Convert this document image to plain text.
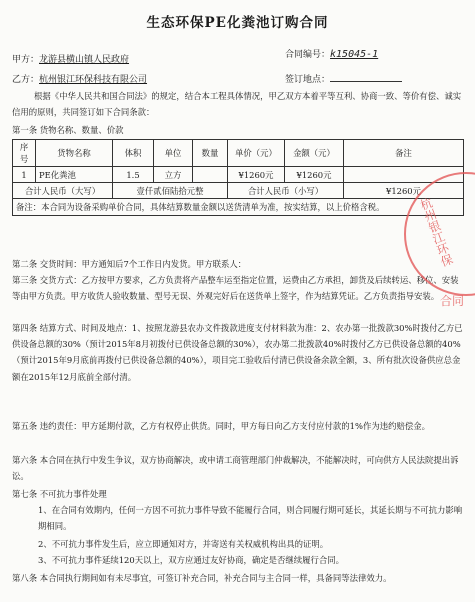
生态环保PE化粪池订购合同
甲方：龙游县横山镇人民政府
乙方：杭州银江环保科技有限公司
合同编号：k15045-1
签订地点：
根据《中华人民共和国合同法》的规定，结合本工程具体情况，甲乙双方本着平等互利、协商一致、等价有偿、诚实信用的原则，共同签订如下合同条款：
第一条 货物名称、数量、价款
序号	货物名称	体积	单位	数量	单价（元）	金额（元）	备注
1	PE化粪池	1.5	立方		¥1260元	¥1260元	
合计人民币（大写）		壹仟贰佰陆拾元整			合计人民币（小写）		¥1260元
备注：本合同为设备采购单价合同，具体结算数量金额以送货清单为准，按实结算，以上价格含税。							
第二条 交货时间：甲方通知后7个工作日内发货。甲方联系人：
第三条 交货方式：乙方按甲方要求，乙方负责将产品整车运至指定位置，运费由乙方承担，卸货及后续转运、移位、安装等由甲方负责。甲方收货人验收数量、型号无误、外观完好后在送货单上签字，作为结算凭证。乙方负责指导安装。
第四条 结算方式、时间及地点：1、按照龙游县农办文件拨款进度支付材料款为准：2、农办第一批拨款30%时拨付乙方已供设备总额的30%（预计2015年8月初拨付已供设备总额的30%），农办第二批拨款40%时拨付乙方已供设备总额的40%（预计2015年9月底前再拨付已供设备总额的40%），项目完工验收后付清已供设备余款全额，3、所有批次设备供应总金额在2015年12月底前全部付清。
第五条 违约责任：甲方延期付款，乙方有权停止供货。同时，甲方每日向乙方支付应付款的1%作为违约赔偿金。
第六条 本合同在执行中发生争议，双方协商解决，或申请工商管理部门仲裁解决，不能解决时，可向供方人民法院提出诉讼。
第七条 不可抗力事件处理
1、在合同有效期内，任何一方因不可抗力事件导致不能履行合同，则合同履行期可延长，其延长期与不可抗力影响期相同。
2、不可抗力事件发生后，应立即通知对方，并寄送有关权威机构出具的证明。
3、不可抗力事件延续120天以上，双方应通过友好协商，确定是否继续履行合同。
第八条 本合同执行期间如有未尽事宜，可签订补充合同，补充合同与主合同一样，具备同等法律效力。
杭州银江环保
合同
